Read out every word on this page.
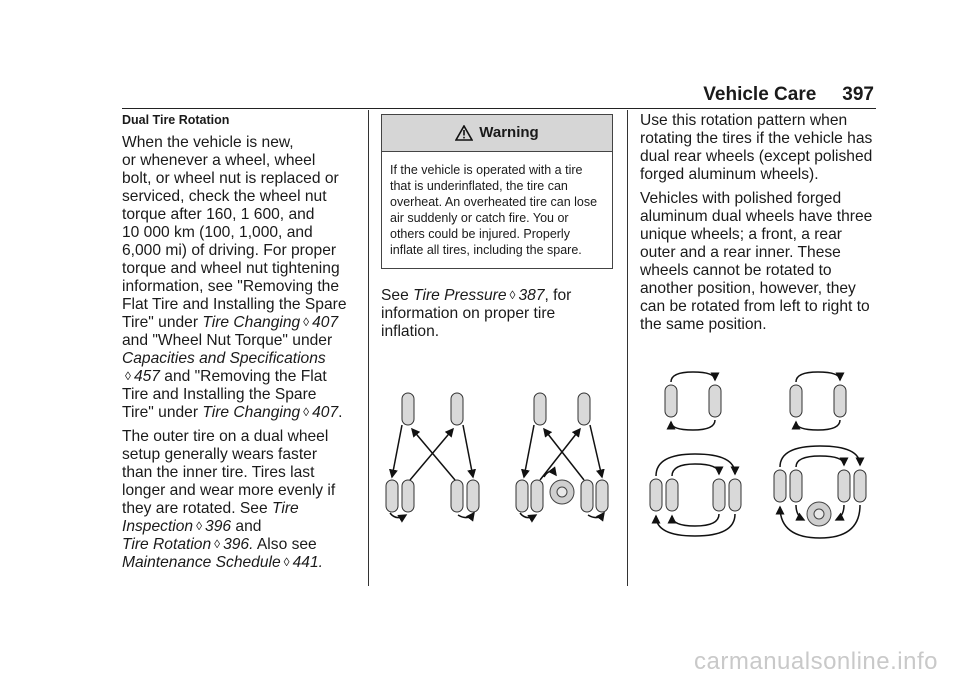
Vehicle Care 397
Dual Tire Rotation

When the vehicle is new,
or whenever a wheel, wheel
bolt, or wheel nut is replaced or
serviced, check the wheel nut
torque after 160, 1 600, and
10 000 km (100, 1,000, and
6,000 mi) of driving. For proper
torque and wheel nut tightening
information, see "Removing the
Flat Tire and Installing the Spare
Tire" under Tire Changing ◊ 407
and "Wheel Nut Torque" under
Capacities and Specifications
◊ 457 and "Removing the Flat
Tire and Installing the Spare
Tire" under Tire Changing ◊ 407.

The outer tire on a dual wheel
setup generally wears faster
than the inner tire. Tires last
longer and wear more evenly if
they are rotated. See Tire
Inspection ◊ 396 and
Tire Rotation ◊ 396. Also see
Maintenance Schedule ◊ 441.

Warning
If the vehicle is operated with a tire that is underinflated, the tire can overheat. An overheated tire can lose air suddenly or catch fire. You or others could be injured. Properly inflate all tires, including the spare.

See Tire Pressure ◊ 387, for information on proper tire inflation.

Use this rotation pattern when rotating the tires if the vehicle has dual rear wheels (except polished forged aluminum wheels).

Vehicles with polished forged aluminum dual wheels have three unique wheels; a front, a rear outer and a rear inner. These wheels cannot be rotated to another position, however, they can be rotated from left to right to the same position.

carmanualsonline.info
